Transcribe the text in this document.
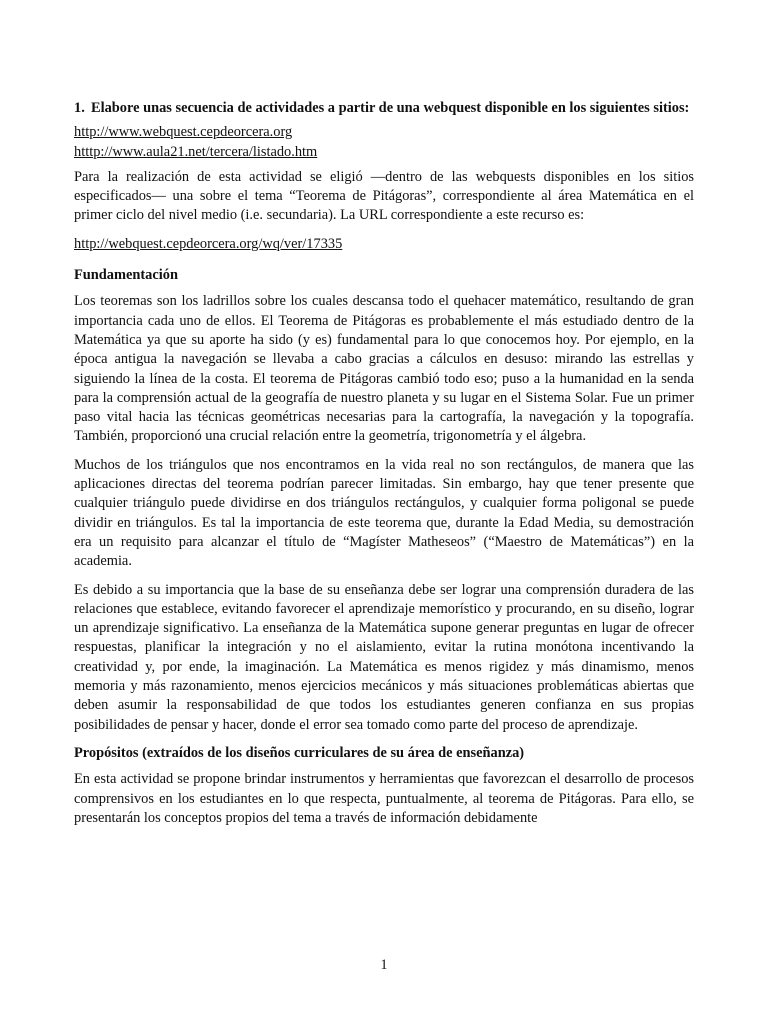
1. Elabore unas secuencia de actividades a partir de una webquest disponible en los siguientes sitios:

http://www.webquest.cepdeorcera.org

htttp://www.aula21.net/tercera/listado.htm

Para la realización de esta actividad se eligió —dentro de las webquests disponibles en los sitios especificados— una sobre el tema “Teorema de Pitágoras”, correspondiente al área Matemática en el primer ciclo del nivel medio (i.e. secundaria). La URL correspondiente a este recurso es:

http://webquest.cepdeorcera.org/wq/ver/17335

Fundamentación

Los teoremas son los ladrillos sobre los cuales descansa todo el quehacer matemático, resultando de gran importancia cada uno de ellos. El Teorema de Pitágoras es probablemente el más estudiado dentro de la Matemática ya que su aporte ha sido (y es) fundamental para lo que conocemos hoy. Por ejemplo, en la época antigua la navegación se llevaba a cabo gracias a cálculos en desuso: mirando las estrellas y siguiendo la línea de la costa. El teorema de Pitágoras cambió todo eso; puso a la humanidad en la senda para la comprensión actual de la geografía de nuestro planeta y su lugar en el Sistema Solar. Fue un primer paso vital hacia las técnicas geométricas necesarias para la cartografía, la navegación y la topografía. También, proporcionó una crucial relación entre la geometría, trigonometría y el álgebra.

Muchos de los triángulos que nos encontramos en la vida real no son rectángulos, de manera que las aplicaciones directas del teorema podrían parecer limitadas. Sin embargo, hay que tener presente que cualquier triángulo puede dividirse en dos triángulos rectángulos, y cualquier forma poligonal se puede dividir en triángulos. Es tal la importancia de este teorema que, durante la Edad Media, su demostración era un requisito para alcanzar el título de “Magíster Matheseos” (“Maestro de Matemáticas”) en la academia.

Es debido a su importancia que la base de su enseñanza debe ser lograr una comprensión duradera de las relaciones que establece, evitando favorecer el aprendizaje memorístico y procurando, en su diseño, lograr un aprendizaje significativo. La enseñanza de la Matemática supone generar preguntas en lugar de ofrecer respuestas, planificar la integración y no el aislamiento, evitar la rutina monótona incentivando la creatividad y, por ende, la imaginación. La Matemática es menos rigidez y más dinamismo, menos memoria y más razonamiento, menos ejercicios mecánicos y más situaciones problemáticas abiertas que deben asumir la responsabilidad de que todos los estudiantes generen confianza en sus propias posibilidades de pensar y hacer, donde el error sea tomado como parte del proceso de aprendizaje.

Propósitos (extraídos de los diseños curriculares de su área de enseñanza)

En esta actividad se propone brindar instrumentos y herramientas que favorezcan el desarrollo de procesos comprensivos en los estudiantes en lo que respecta, puntualmente, al teorema de Pitágoras. Para ello, se presentarán los conceptos propios del tema a través de información debidamente

1
